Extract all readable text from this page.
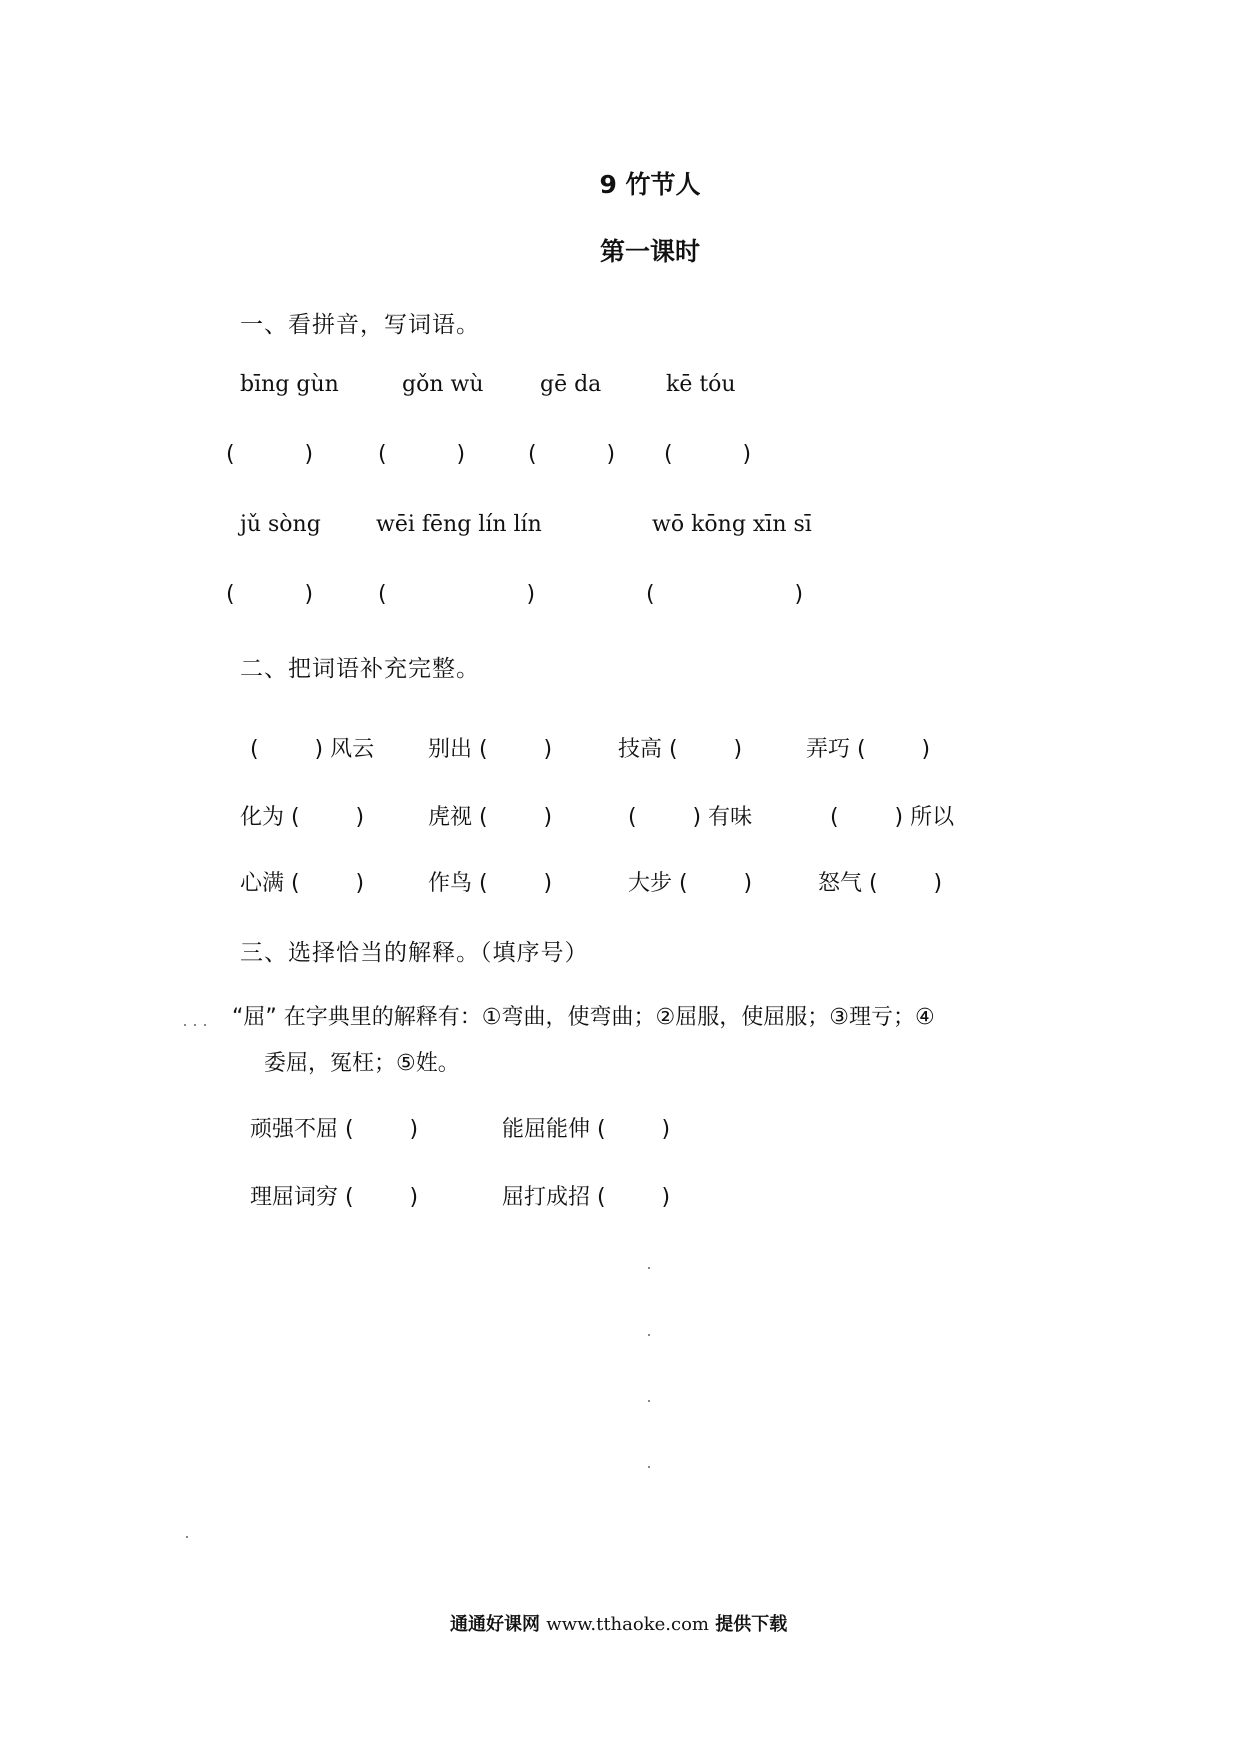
9 竹节人
第一课时
一、看拼音，写词语。
bīng gùn	gǒn wù	gē da	kē tóu
(          )	(          )	(          ) (          )
jǔ sòng	wēi fēng lín lín	wō kōng xīn sī
(          )	(                    )	(                    )
二、把词语补充完整。
(        ) 风云 别出 (        )	技高 (        )	弄巧 (        )
化为 (        )	虎视 (        )	(        ) 有味	(        ) 所以
心满 (        )	作鸟 (        )	大步 (        )	怒气 (        )
三、选择恰当的解释。（填序号）
“屈” 在字典里的解释有：①弯曲，使弯曲；②屈服，使屈服；③理亏；④
委屈，冤枉；⑤姓。
顽强不屈 (        )	能屈能伸 (        )
理屈词穷 (        )	屈打成招 (        )
通通好课网 www.tthaoke.com 提供下载
